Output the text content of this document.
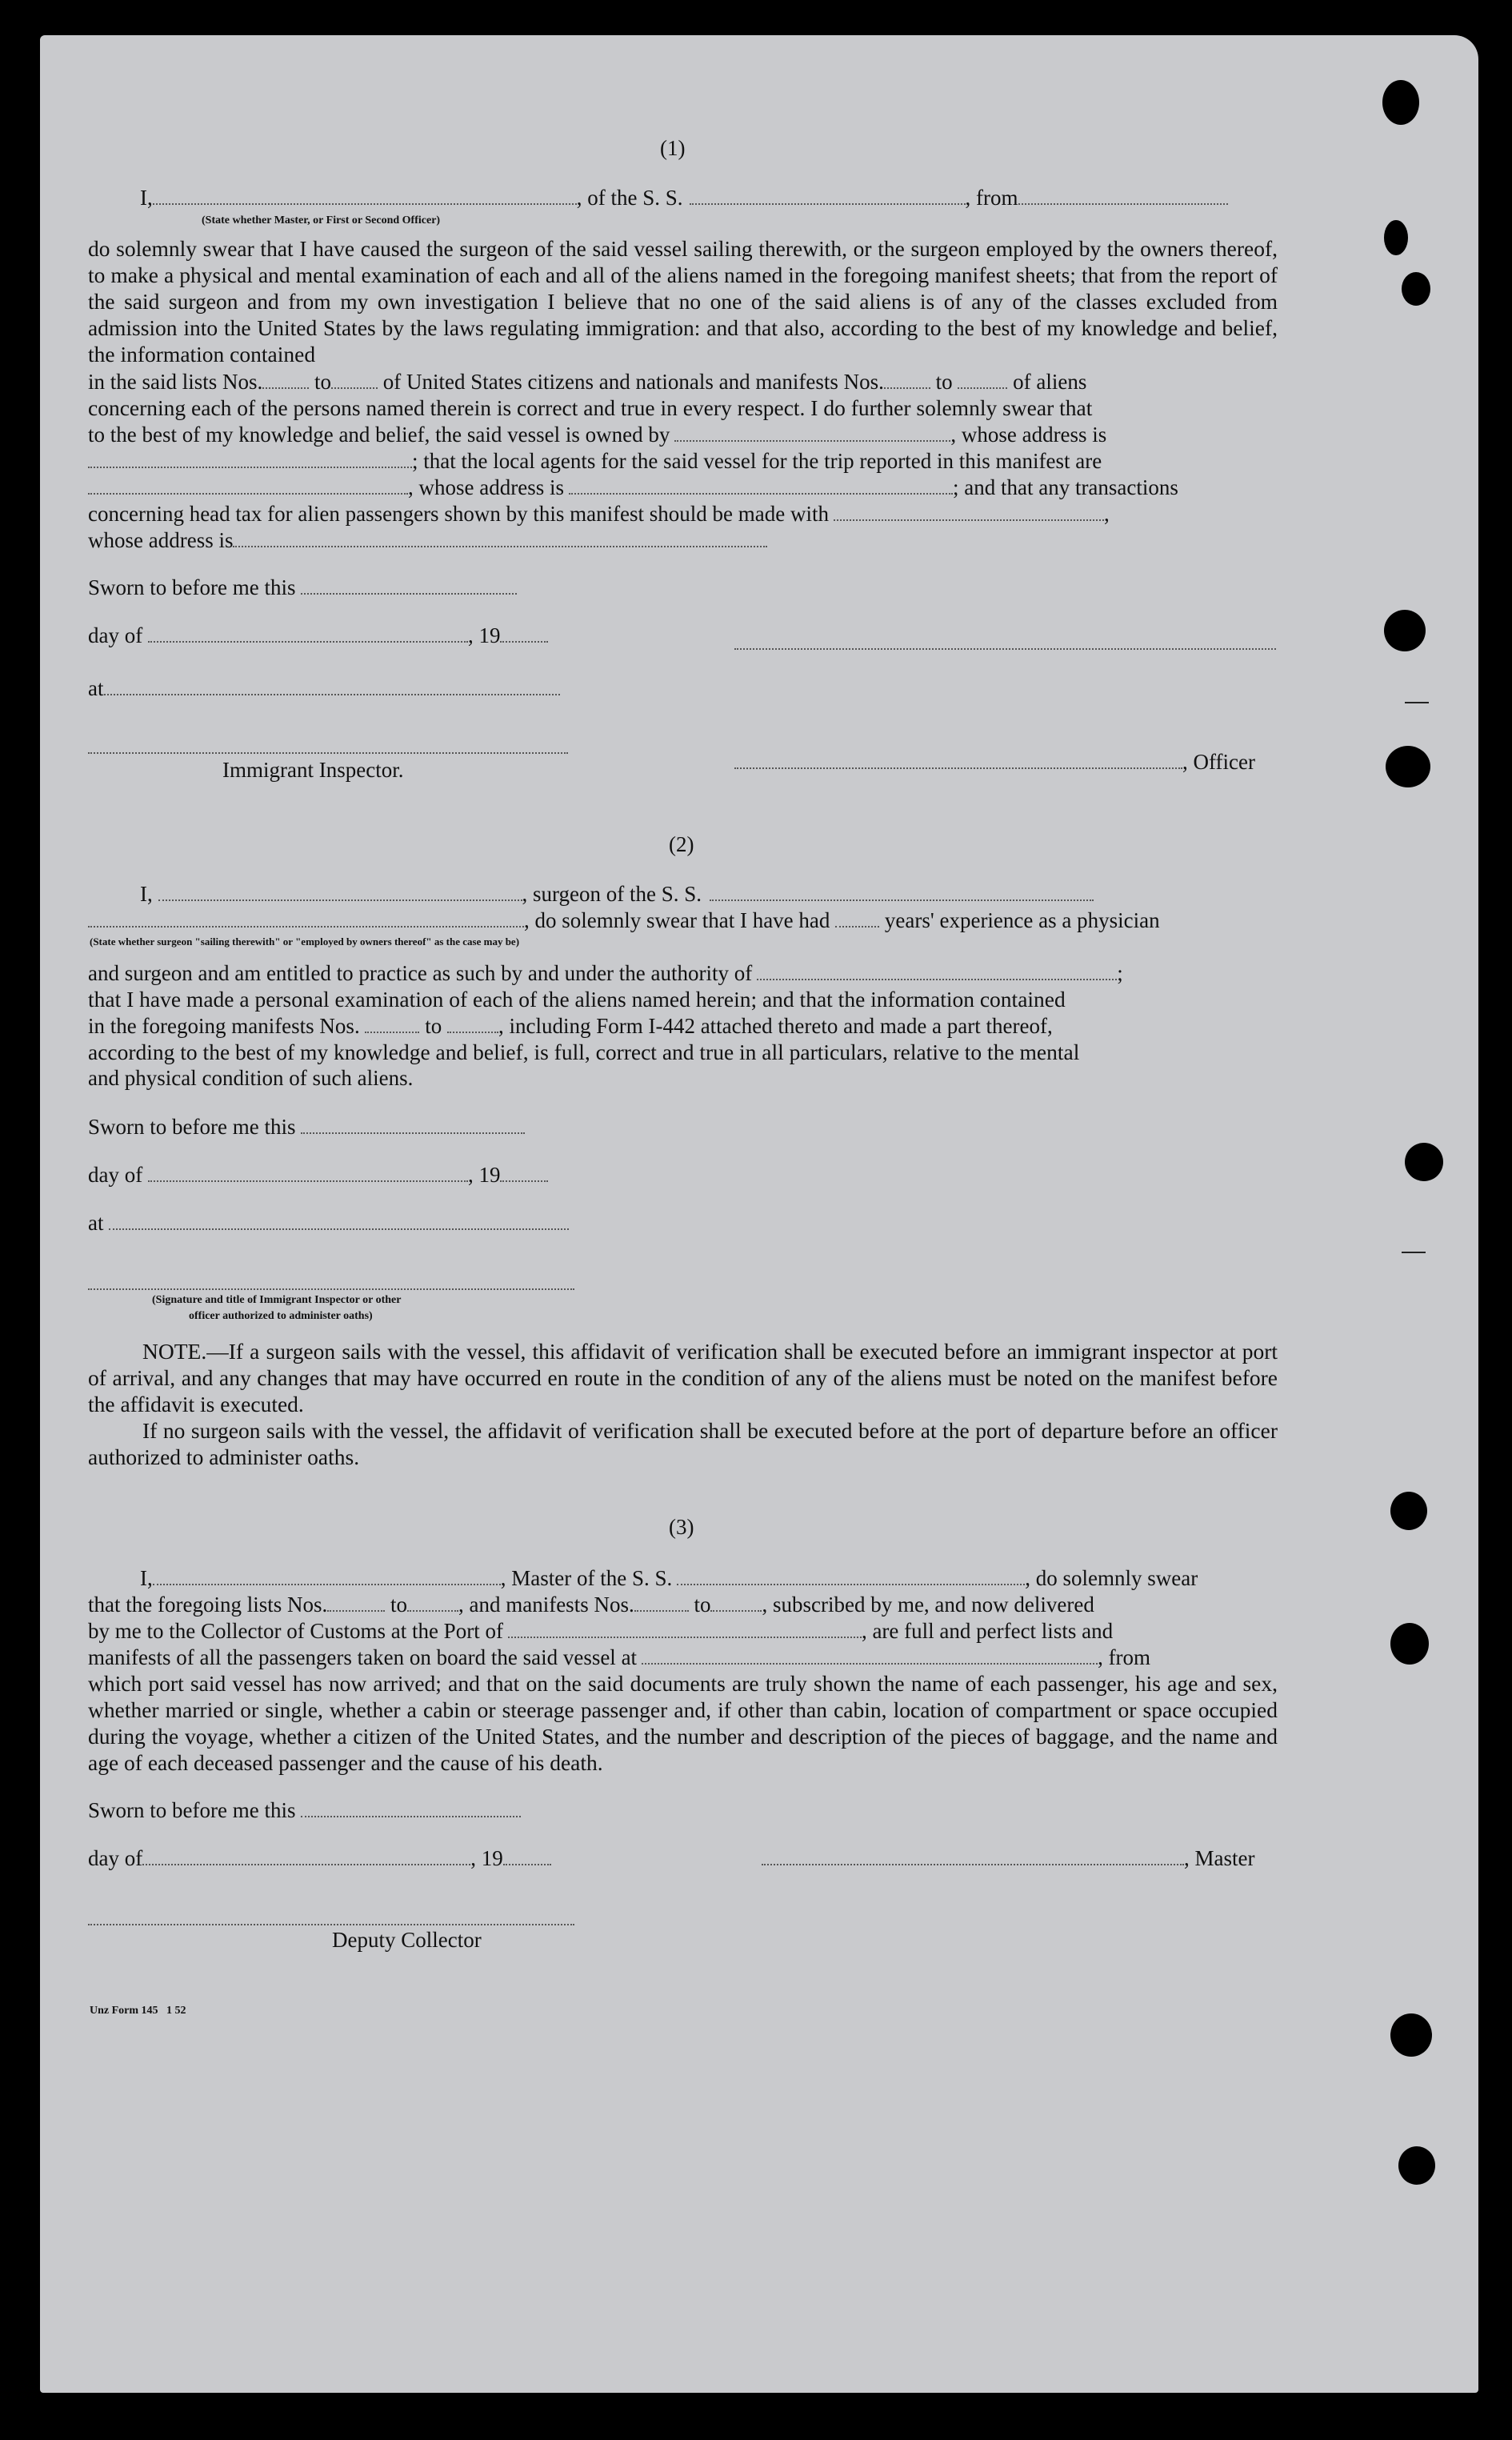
(1)
I,	, of the S. S.	, from
(State whether Master, or First or Second Officer)
do solemnly swear that I have caused the surgeon of the said vessel sailing therewith, or the surgeon employed by the owners thereof, to make a physical and mental examination of each and all of the aliens named in the foregoing manifest sheets; that from the report of the said surgeon and from my own investigation I believe that no one of the said aliens is of any of the classes excluded from admission into the United States by the laws regulating immigration: and that also, according to the best of my knowledge and belief, the information contained
in the said lists Nos. to of United States citizens and nationals and manifests Nos. to	of aliens
concerning each of the persons named therein is correct and true in every respect. I do further solemnly swear that
to the best of my knowledge and belief, the said vessel is owned by	, whose address is
; that the local agents for the said vessel for the trip reported in this manifest are
, whose address is	; and that any transactions
concerning head tax for alien passengers shown by this manifest should be made with	,
whose address is
Sworn to before me this
day of	, 19
at
Immigrant Inspector.	, Officer
(2)
I,	, surgeon of the S. S.
, do solemnly swear that I have had	years' experience as a physician
(State whether surgeon "sailing therewith" or "employed by owners thereof" as the case may be)
and surgeon and am entitled to practice as such by and under the authority of	;
that I have made a personal examination of each of the aliens named herein; and that the information contained
in the foregoing manifests Nos.	to	, including Form I-442 attached thereto and made a part thereof,
according to the best of my knowledge and belief, is full, correct and true in all particulars, relative to the mental
and physical condition of such aliens.
Sworn to before me this
day of	, 19
at
(Signature and title of Immigrant Inspector or other
officer authorized to administer oaths)
NOTE.—If a surgeon sails with the vessel, this affidavit of verification shall be executed before an immigrant inspector at port of arrival, and any changes that may have occurred en route in the condition of any of the aliens must be noted on the manifest before the affidavit is executed.
If no surgeon sails with the vessel, the affidavit of verification shall be executed before at the port of departure before an officer authorized to administer oaths.
(3)
I,	, Master of the S. S.	, do solemnly swear
that the foregoing lists Nos.	to , and manifests Nos.	to , subscribed by me, and now delivered
by me to the Collector of Customs at the Port of	, are full and perfect lists and
manifests of all the passengers taken on board the said vessel at	, from
which port said vessel has now arrived; and that on the said documents are truly shown the name of each passenger, his age and sex, whether married or single, whether a cabin or steerage passenger and, if other than cabin, location of compartment or space occupied during the voyage, whether a citizen of the United States, and the number and description of the pieces of baggage, and the name and age of each deceased passenger and the cause of his death.
Sworn to before me this
day of	, 19	, Master
Deputy Collector
Unz Form 145   1 52
